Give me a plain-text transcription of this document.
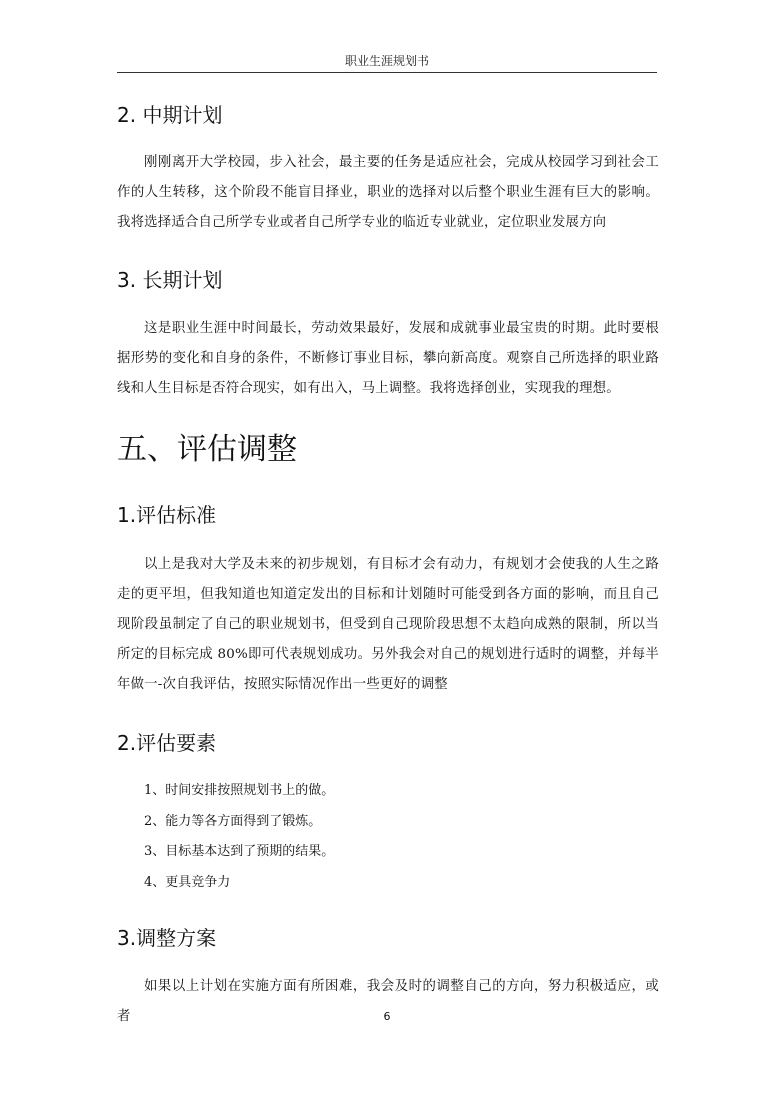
职业生涯规划书
2. 中期计划

刚刚离开大学校园，步入社会，最主要的任务是适应社会，完成从校园学习到社会工作的人生转移，这个阶段不能盲目择业，职业的选择对以后整个职业生涯有巨大的影响。我将选择适合自己所学专业或者自己所学专业的临近专业就业，定位职业发展方向

3. 长期计划

这是职业生涯中时间最长，劳动效果最好，发展和成就事业最宝贵的时期。此时要根据形势的变化和自身的条件，不断修订事业目标，攀向新高度。观察自己所选择的职业路线和人生目标是否符合现实，如有出入，马上调整。我将选择创业，实现我的理想。

五、评估调整
1.评估标准

以上是我对大学及未来的初步规划，有目标才会有动力，有规划才会使我的人生之路走的更平坦，但我知道也知道定发出的目标和计划随时可能受到各方面的影响，而且自己现阶段虽制定了自己的职业规划书，但受到自己现阶段思想不太趋向成熟的限制，所以当所定的目标完成 80%即可代表规划成功。另外我会对自己的规划进行适时的调整，并每半年做一-次自我评估，按照实际情况作出一些更好的调整

2.评估要素
1、时间安排按照规划书上的做。
2、能力等各方面得到了锻炼。
3、目标基本达到了预期的结果。
4、更具竞争力
3.调整方案

如果以上计划在实施方面有所困难，我会及时的调整自己的方向，努力积极适应，或者	6
